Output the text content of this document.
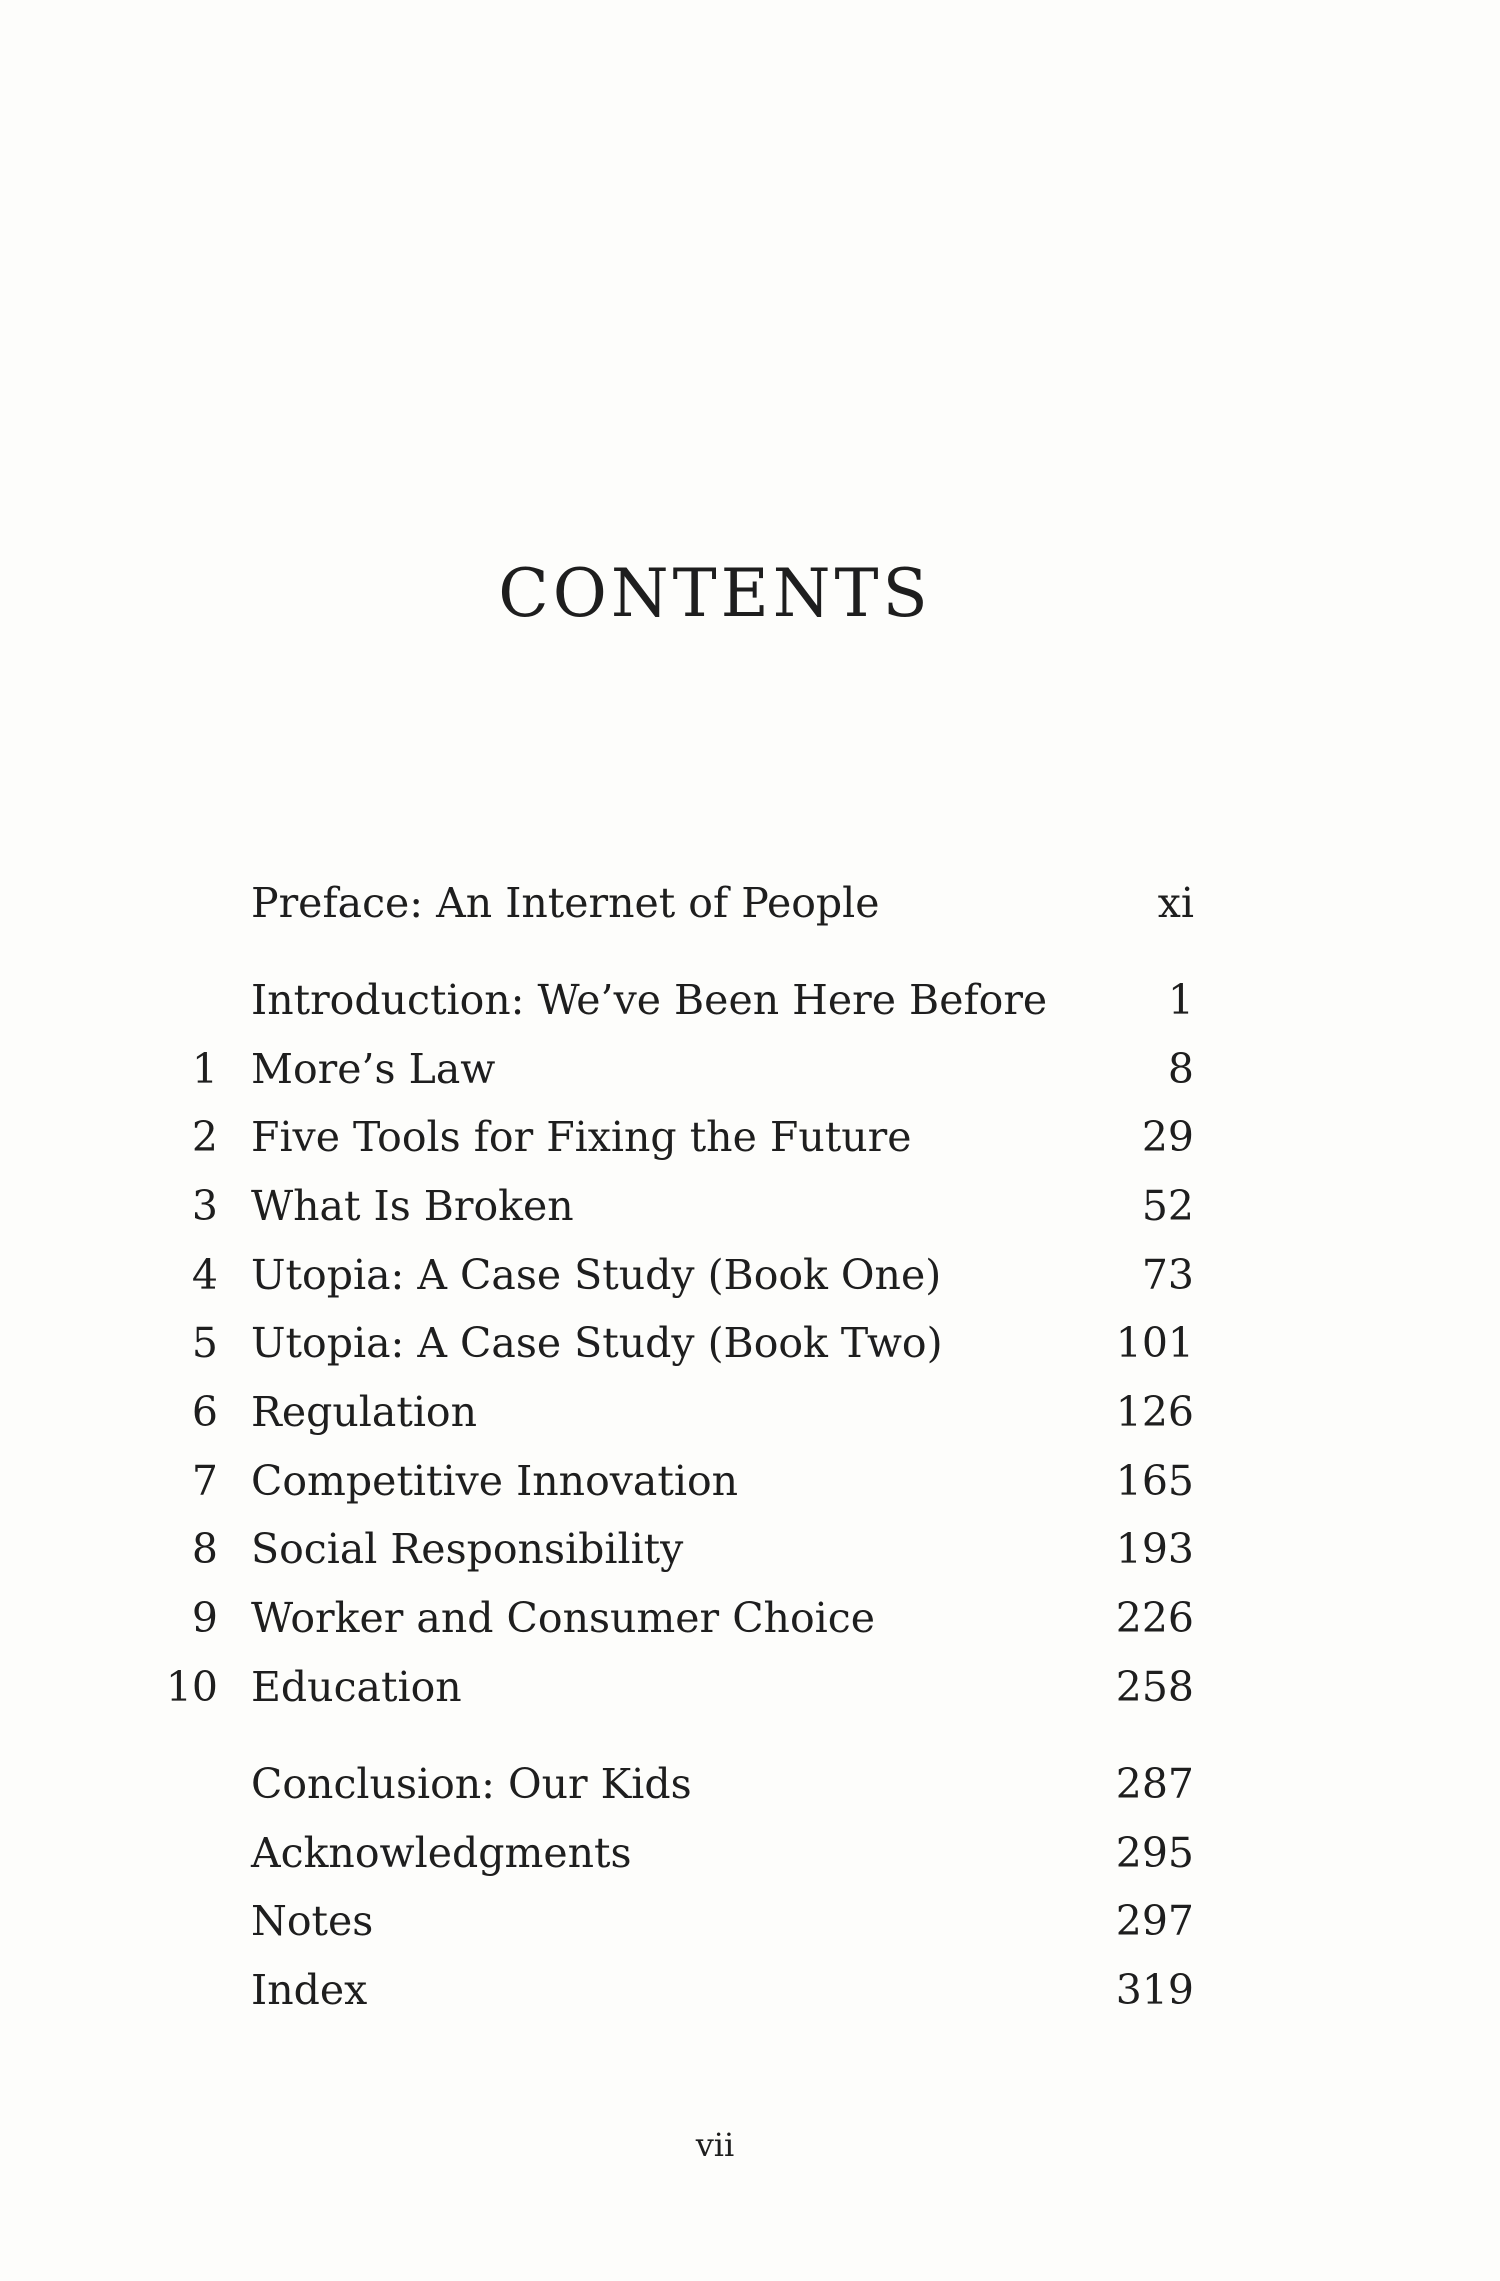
CONTENTS
Preface: An Internet of People	xi
Introduction: We’ve Been Here Before	1
1 More’s Law	8
2 Five Tools for Fixing the Future	29
3 What Is Broken	52
4 Utopia: A Case Study (Book One)	73
5 Utopia: A Case Study (Book Two)	101
6 Regulation	126
7 Competitive Innovation	165
8 Social Responsibility	193
9 Worker and Consumer Choice	226
10 Education	258
Conclusion: Our Kids	287
Acknowledgments	295
Notes	297
Index	319
vii
